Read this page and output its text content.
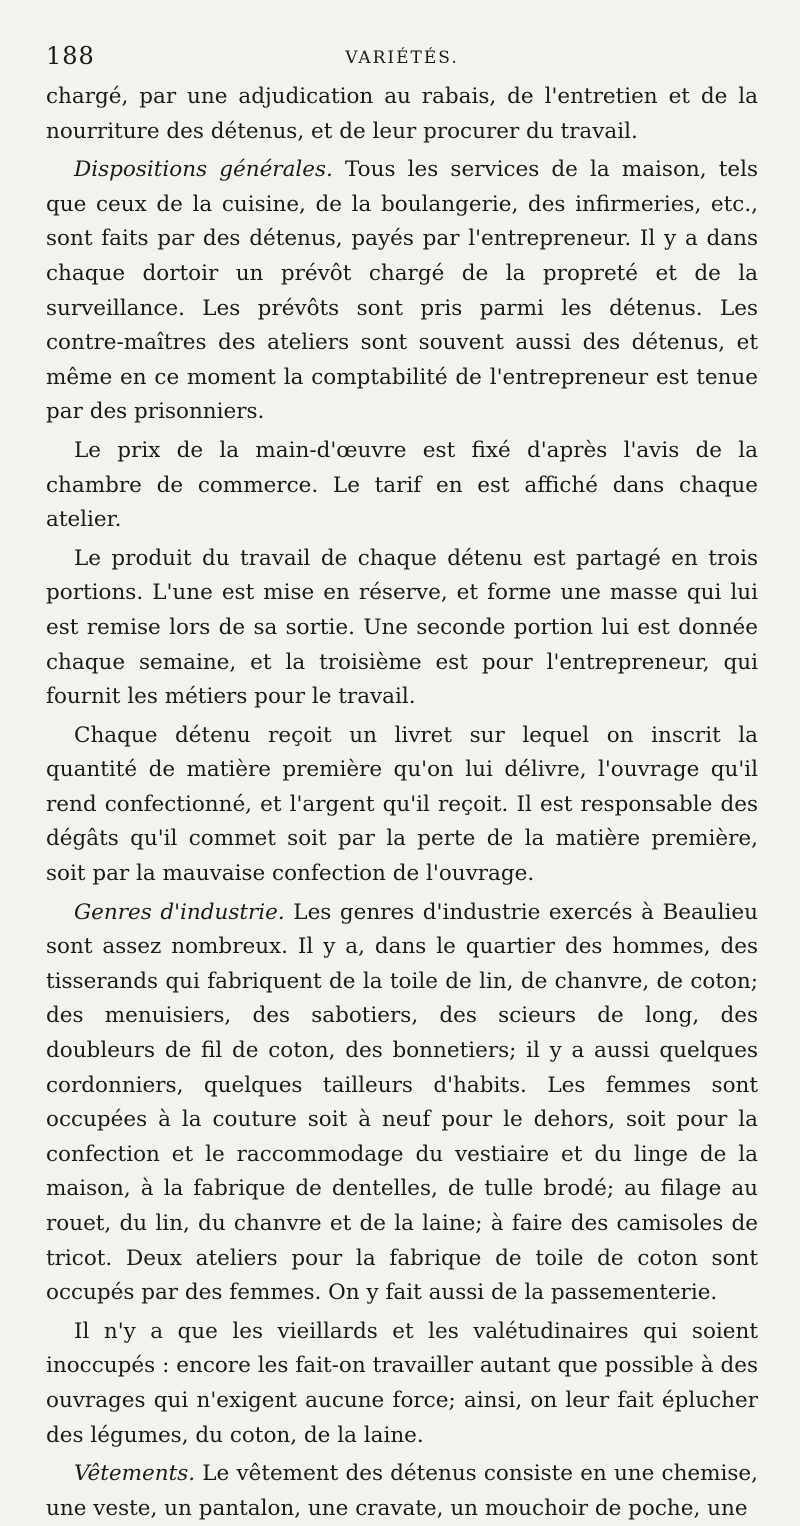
188	VARIÉTÉS.

chargé, par une adjudication au rabais, de l'entretien et de la nourriture des détenus, et de leur procurer du travail.

Dispositions générales. Tous les services de la maison, tels que ceux de la cuisine, de la boulangerie, des infirmeries, etc., sont faits par des détenus, payés par l'entrepreneur. Il y a dans chaque dortoir un prévôt chargé de la propreté et de la surveillance. Les prévôts sont pris parmi les détenus. Les contre-maîtres des ateliers sont souvent aussi des détenus, et même en ce moment la comptabilité de l'entrepreneur est tenue par des prisonniers.

Le prix de la main-d'œuvre est fixé d'après l'avis de la chambre de commerce. Le tarif en est affiché dans chaque atelier.

Le produit du travail de chaque détenu est partagé en trois portions. L'une est mise en réserve, et forme une masse qui lui est remise lors de sa sortie. Une seconde portion lui est donnée chaque semaine, et la troisième est pour l'entrepreneur, qui fournit les métiers pour le travail.

Chaque détenu reçoit un livret sur lequel on inscrit la quantité de matière première qu'on lui délivre, l'ouvrage qu'il rend confectionné, et l'argent qu'il reçoit. Il est responsable des dégâts qu'il commet soit par la perte de la matière première, soit par la mauvaise confection de l'ouvrage.

Genres d'industrie. Les genres d'industrie exercés à Beaulieu sont assez nombreux. Il y a, dans le quartier des hommes, des tisserands qui fabriquent de la toile de lin, de chanvre, de coton; des menuisiers, des sabotiers, des scieurs de long, des doubleurs de fil de coton, des bonnetiers; il y a aussi quelques cordonniers, quelques tailleurs d'habits. Les femmes sont occupées à la couture soit à neuf pour le dehors, soit pour la confection et le raccommodage du vestiaire et du linge de la maison, à la fabrique de dentelles, de tulle brodé; au filage au rouet, du lin, du chanvre et de la laine; à faire des camisoles de tricot. Deux ateliers pour la fabrique de toile de coton sont occupés par des femmes. On y fait aussi de la passementerie.

Il n'y a que les vieillards et les valétudinaires qui soient inoccupés : encore les fait-on travailler autant que possible à des ouvrages qui n'exigent aucune force; ainsi, on leur fait éplucher des légumes, du coton, de la laine.

Vêtements. Le vêtement des détenus consiste en une chemise, une veste, un pantalon, une cravate, un mouchoir de poche, une
